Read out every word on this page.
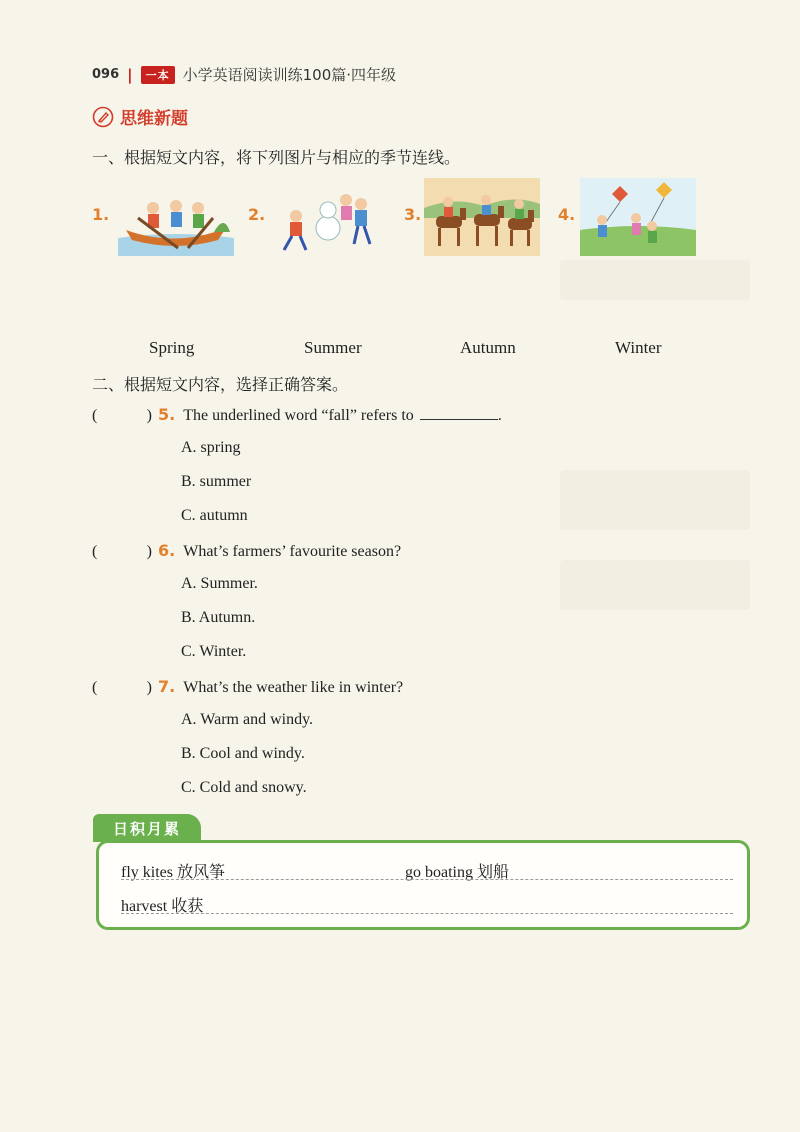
096 |	一本 小学英语阅读训练100篇·四年级
思维新题
一、根据短文内容，将下列图片与相应的季节连线。
1.	2.	3.	4.
Spring	Summer	Autumn	Winter
二、根据短文内容，选择正确答案。
(	) 5. The underlined word “fall” refers to	.
A. spring
B. summer
C. autumn
(	) 6. What’s farmers’ favourite season?
A. Summer.
B. Autumn.
C. Winter.
(	) 7. What’s the weather like in winter?
A. Warm and windy.
B. Cool and windy.
C. Cold and snowy.
日积月累
fly kites 放风筝	go boating 划船
harvest 收获
